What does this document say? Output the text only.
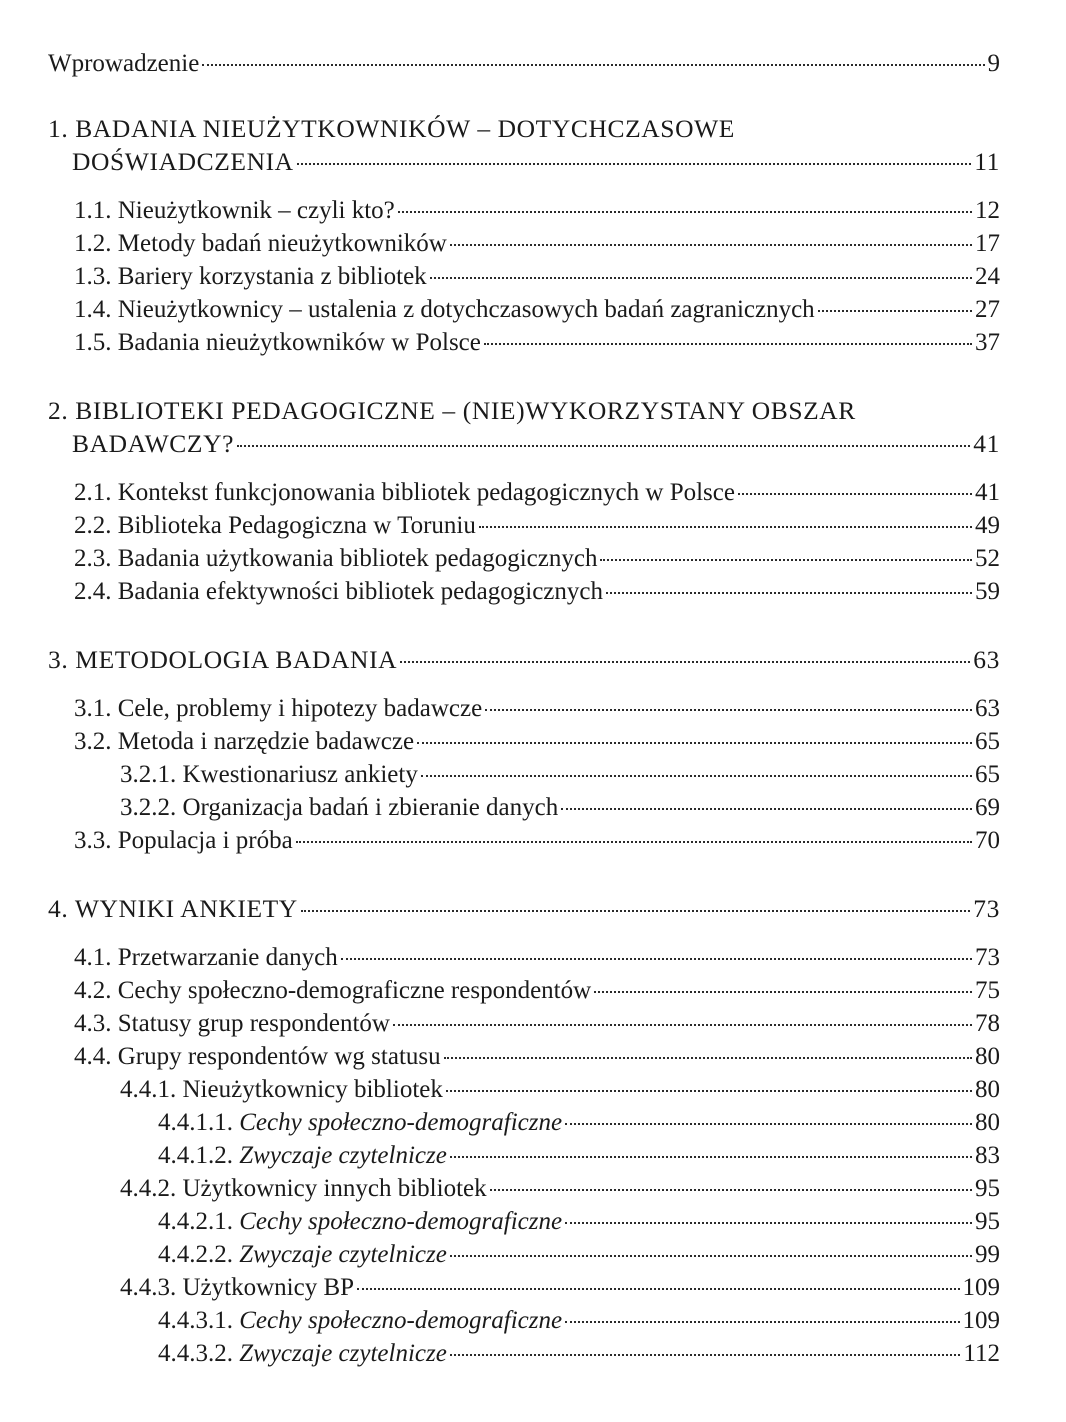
Wprowadzenie	9
1. BADANIA NIEUŻYTKOWNIKÓW – DOTYCHCZASOWE
DOŚWIADCZENIA	11
1.1. Nieużytkownik – czyli kto?	12
1.2. Metody badań nieużytkowników	17
1.3. Bariery korzystania z bibliotek	24
1.4. Nieużytkownicy – ustalenia z dotychczasowych badań zagranicznych	27
1.5. Badania nieużytkowników w Polsce	37
2. BIBLIOTEKI PEDAGOGICZNE – (NIE)WYKORZYSTANY OBSZAR
BADAWCZY?	41
2.1. Kontekst funkcjonowania bibliotek pedagogicznych w Polsce	41
2.2. Biblioteka Pedagogiczna w Toruniu	49
2.3. Badania użytkowania bibliotek pedagogicznych	52
2.4. Badania efektywności bibliotek pedagogicznych	59
3. METODOLOGIA BADANIA	63
3.1. Cele, problemy i hipotezy badawcze	63
3.2. Metoda i narzędzie badawcze	65
3.2.1. Kwestionariusz ankiety	65
3.2.2. Organizacja badań i zbieranie danych	69
3.3. Populacja i próba	70
4. WYNIKI ANKIETY	73
4.1. Przetwarzanie danych	73
4.2. Cechy społeczno-demograficzne respondentów	75
4.3. Statusy grup respondentów	78
4.4. Grupy respondentów wg statusu	80
4.4.1. Nieużytkownicy bibliotek	80
4.4.1.1. Cechy społeczno-demograficzne	80
4.4.1.2. Zwyczaje czytelnicze	83
4.4.2. Użytkownicy innych bibliotek	95
4.4.2.1. Cechy społeczno-demograficzne	95
4.4.2.2. Zwyczaje czytelnicze	99
4.4.3. Użytkownicy BP	109
4.4.3.1. Cechy społeczno-demograficzne	109
4.4.3.2. Zwyczaje czytelnicze	112
